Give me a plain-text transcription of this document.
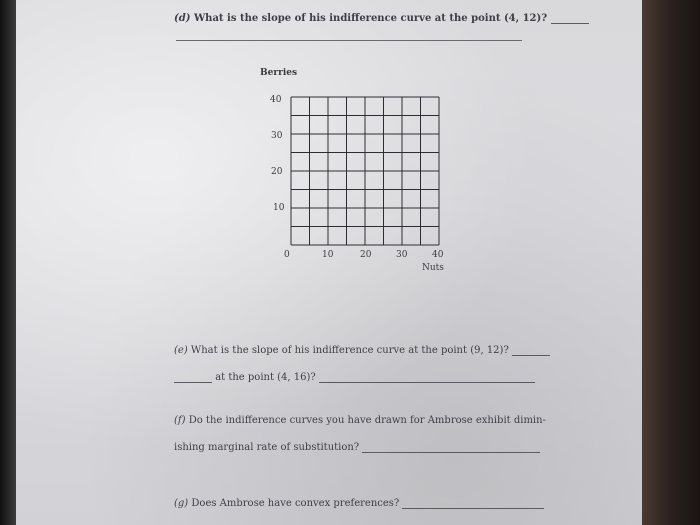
(d) What is the slope of his indifference curve at the point (4, 12)?
Berries
40
30
20
10
0	10	20	30	40
Nuts
(e) What is the slope of his indifference curve at the point (9, 12)?
at the point (4, 16)?
(f) Do the indifference curves you have drawn for Ambrose exhibit dimin-
ishing marginal rate of substitution?
(g) Does Ambrose have convex preferences?
